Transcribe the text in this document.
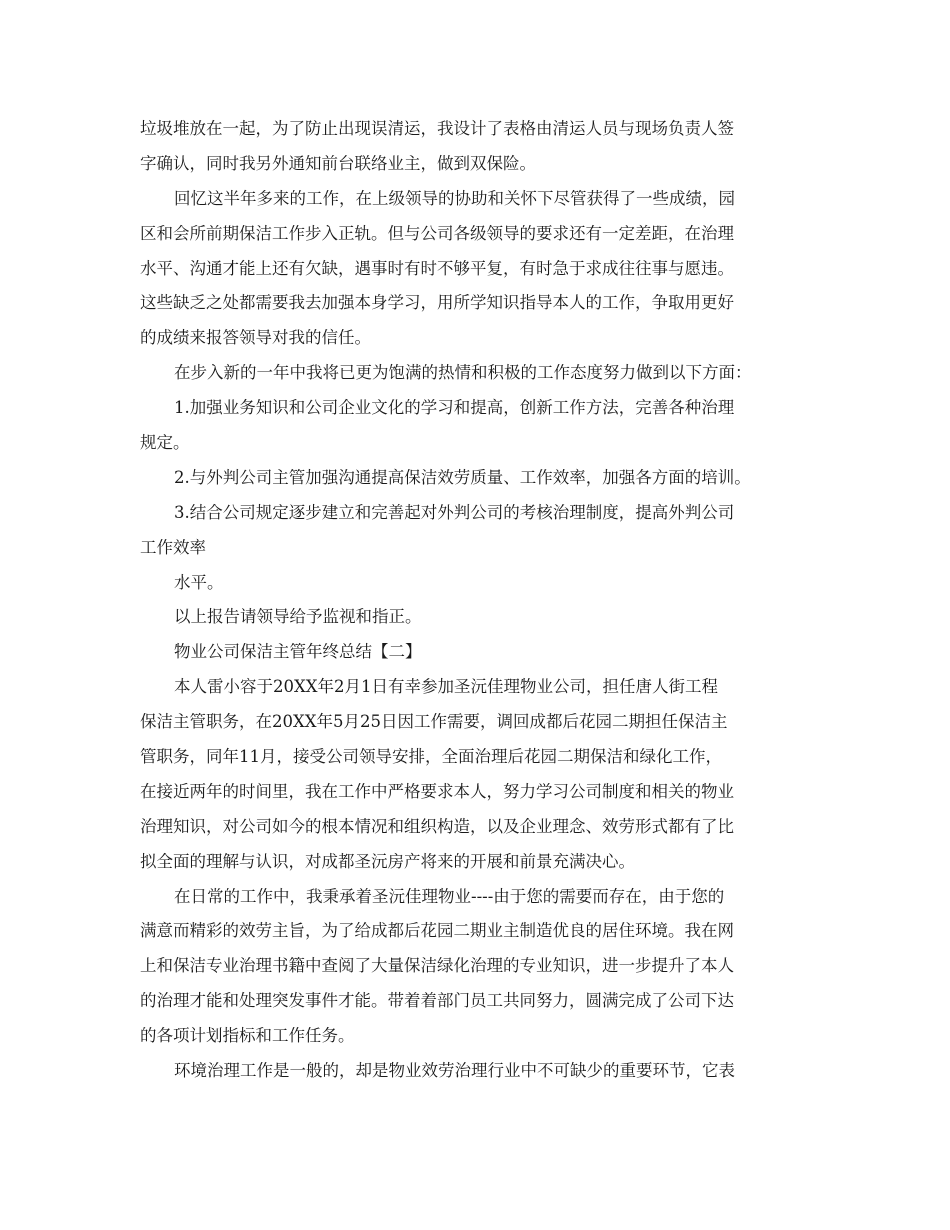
垃圾堆放在一起，为了防止出现误清运，我设计了表格由清运人员与现场负责人签
字确认，同时我另外通知前台联络业主，做到双保险。
回忆这半年多来的工作，在上级领导的协助和关怀下尽管获得了一些成绩，园
区和会所前期保洁工作步入正轨。但与公司各级领导的要求还有一定差距，在治理
水平、沟通才能上还有欠缺，遇事时有时不够平复，有时急于求成往往事与愿违。
这些缺乏之处都需要我去加强本身学习，用所学知识指导本人的工作，争取用更好
的成绩来报答领导对我的信任。
在步入新的一年中我将已更为饱满的热情和积极的工作态度努力做到以下方面：
1.加强业务知识和公司企业文化的学习和提高，创新工作方法，完善各种治理
规定。
2.与外判公司主管加强沟通提高保洁效劳质量、工作效率，加强各方面的培训。
3.结合公司规定逐步建立和完善起对外判公司的考核治理制度，提高外判公司
工作效率
水平。
以上报告请领导给予监视和指正。
物业公司保洁主管年终总结【二】
本人雷小容于20XX年2月1日有幸参加圣沅佳理物业公司，担任唐人街工程
保洁主管职务，在20XX年5月25日因工作需要，调回成都后花园二期担任保洁主
管职务，同年11月，接受公司领导安排，全面治理后花园二期保洁和绿化工作，
在接近两年的时间里，我在工作中严格要求本人，努力学习公司制度和相关的物业
治理知识，对公司如今的根本情况和组织构造，以及企业理念、效劳形式都有了比
拟全面的理解与认识，对成都圣沅房产将来的开展和前景充满决心。
在日常的工作中，我秉承着圣沅佳理物业----由于您的需要而存在，由于您的
满意而精彩的效劳主旨，为了给成都后花园二期业主制造优良的居住环境。我在网
上和保洁专业治理书籍中查阅了大量保洁绿化治理的专业知识，进一步提升了本人
的治理才能和处理突发事件才能。带着着部门员工共同努力，圆满完成了公司下达
的各项计划指标和工作任务。
环境治理工作是一般的，却是物业效劳治理行业中不可缺少的重要环节，它表
